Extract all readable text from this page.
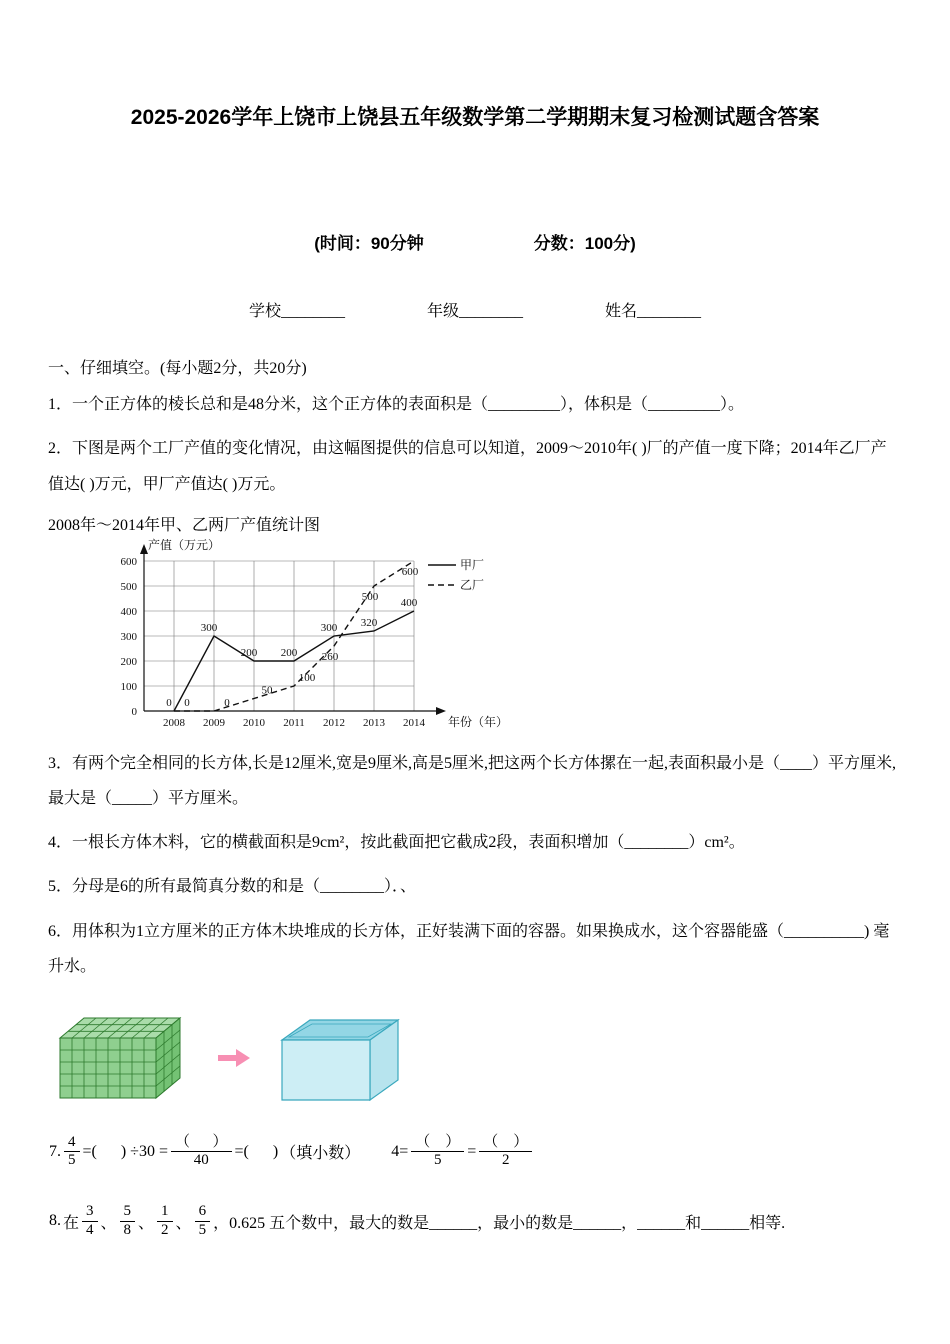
2025-2026学年上饶市上饶县五年级数学第二学期期末复习检测试题含答案
(时间：90分钟	分数：100分)
学校________	年级________	姓名________
一、仔细填空。(每小题2分，共20分)

1．一个正方体的棱长总和是48分米，这个正方体的表面积是（_________），体积是（_________）。

2．下图是两个工厂产值的变化情况，由这幅图提供的信息可以知道，2009～2010年( )厂的产值一度下降；2014年乙厂产值达( )万元，甲厂产值达( )万元。

2008年～2014年甲、乙两厂产值统计图
0
100
200
300
400
500
600
2008 2009 2010 2011 2012 2013 2014
产值（万元）
年份（年）
0
300
200 200
300 320
400
甲厂
0	0
50
100
260
500
600
乙厂

3．有两个完全相同的长方体,长是12厘米,宽是9厘米,高是5厘米,把这两个长方体摞在一起,表面积最小是（____）平方厘米,最大是（_____）平方厘米。

4．一根长方体木料，它的横截面积是9cm²，按此截面把它截成2段，表面积增加（________）cm²。

5．分母是6的所有最简真分数的和是（________）．、

6．用体积为1立方厘米的正方体木块堆成的长方体，正好装满下面的容器。如果换成水，这个容器能盛（__________) 毫升水。

7. $\frac{4}{5}$ =(      ) $\div 30 = \frac{( )}{40}$ =(      ) （填小数） $4= \frac{( )}{5} = \frac{( )}{2}$
8. 在 $\frac{3}{4}$ 、 $\frac{5}{8}$ 、 $\frac{1}{2}$ 、 $\frac{6}{5}$ ，0.625 五个数中，最大的数是______，最小的数是______，______和______相等.
